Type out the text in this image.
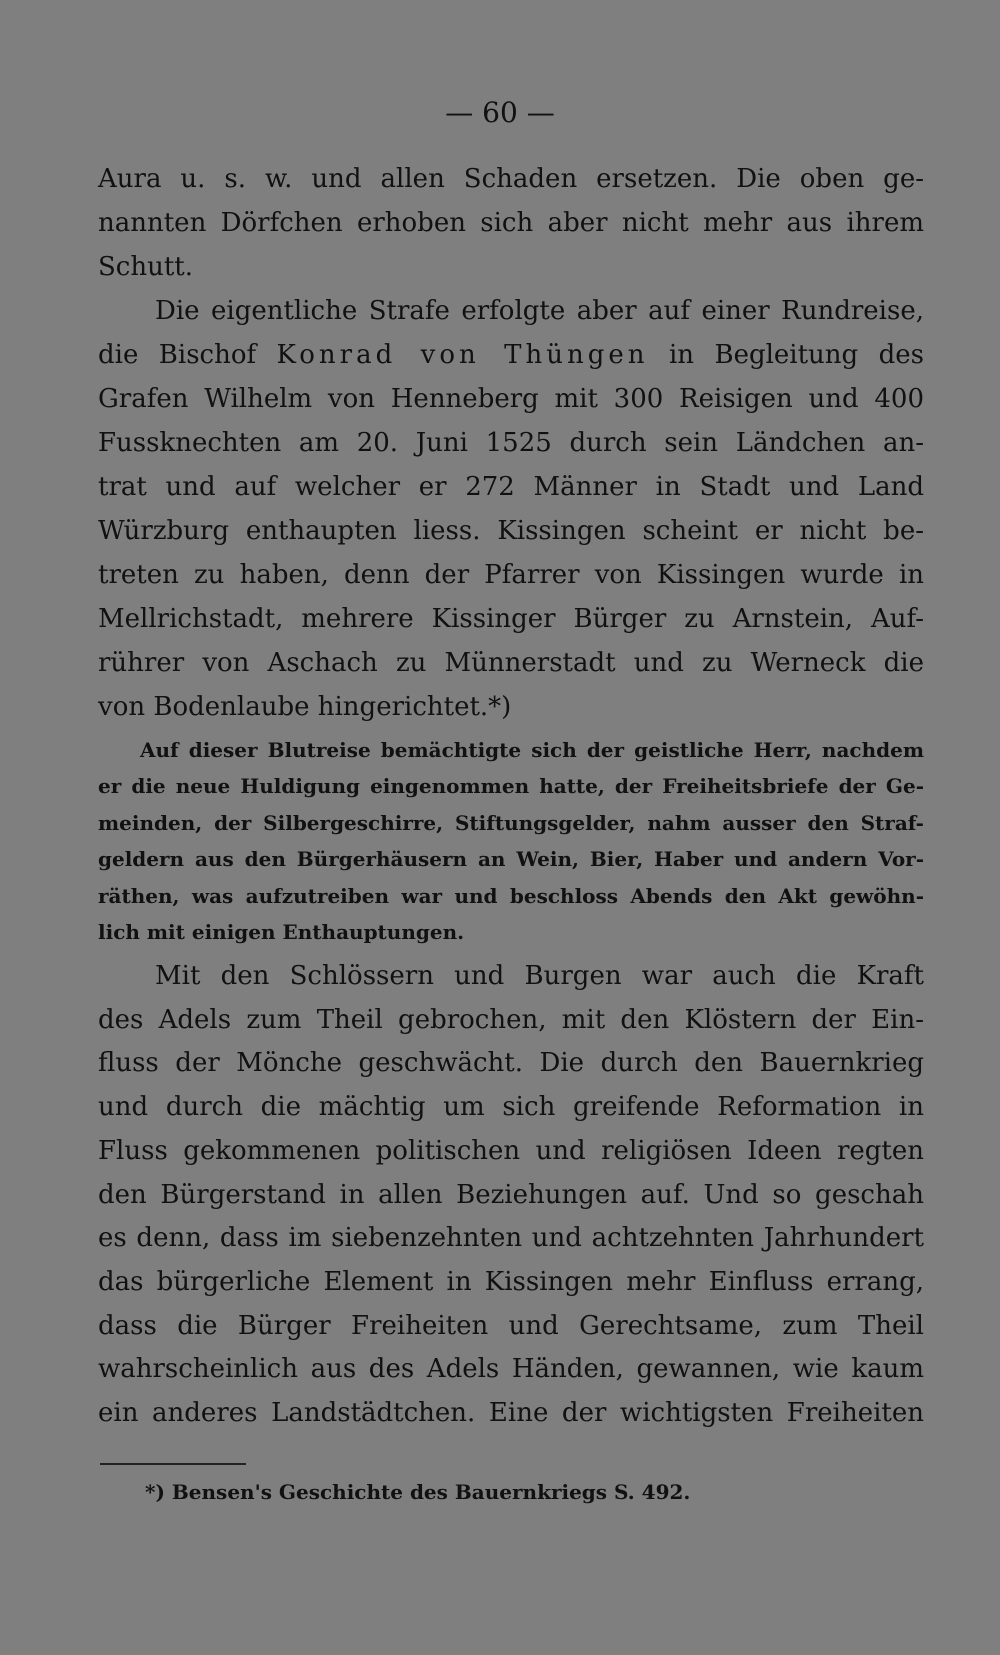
— 60 —
Aura u. s. w. und allen Schaden ersetzen. Die oben ge-
nannten Dörfchen erhoben sich aber nicht mehr aus ihrem
Schutt.
Die eigentliche Strafe erfolgte aber auf einer Rundreise,
die Bischof Konrad von Thüngen in Begleitung des
Grafen Wilhelm von Henneberg mit 300 Reisigen und 400
Fussknechten am 20. Juni 1525 durch sein Ländchen an-
trat und auf welcher er 272 Männer in Stadt und Land
Würzburg enthaupten liess. Kissingen scheint er nicht be-
treten zu haben, denn der Pfarrer von Kissingen wurde in
Mellrichstadt, mehrere Kissinger Bürger zu Arnstein, Auf-
rührer von Aschach zu Münnerstadt und zu Werneck die
von Bodenlaube hingerichtet.*)
Auf dieser Blutreise bemächtigte sich der geistliche Herr, nachdem
er die neue Huldigung eingenommen hatte, der Freiheitsbriefe der Ge-
meinden, der Silbergeschirre, Stiftungsgelder, nahm ausser den Straf-
geldern aus den Bürgerhäusern an Wein, Bier, Haber und andern Vor-
räthen, was aufzutreiben war und beschloss Abends den Akt gewöhn-
lich mit einigen Enthauptungen.
Mit den Schlössern und Burgen war auch die Kraft
des Adels zum Theil gebrochen, mit den Klöstern der Ein-
fluss der Mönche geschwächt. Die durch den Bauernkrieg
und durch die mächtig um sich greifende Reformation in
Fluss gekommenen politischen und religiösen Ideen regten
den Bürgerstand in allen Beziehungen auf. Und so geschah
es denn, dass im siebenzehnten und achtzehnten Jahrhundert
das bürgerliche Element in Kissingen mehr Einfluss errang,
dass die Bürger Freiheiten und Gerechtsame, zum Theil
wahrscheinlich aus des Adels Händen, gewannen, wie kaum
ein anderes Landstädtchen. Eine der wichtigsten Freiheiten
*) Bensen's Geschichte des Bauernkriegs S. 492.
